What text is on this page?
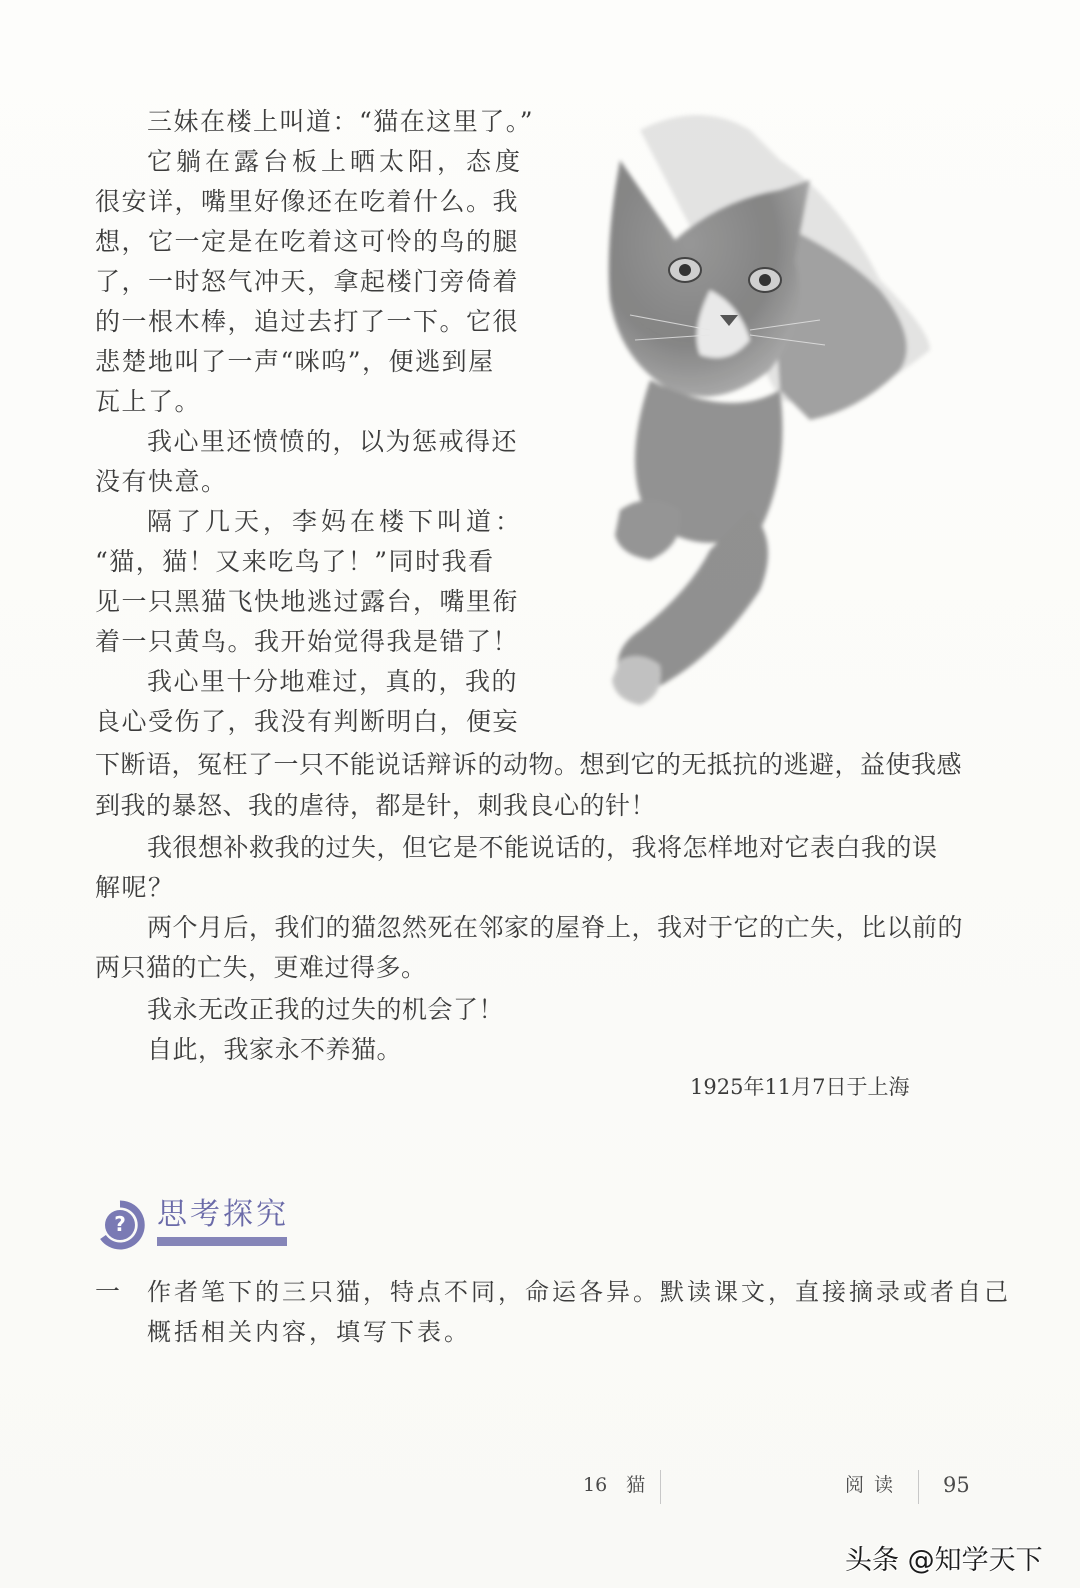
三妹在楼上叫道：“猫在这里了。”
它躺在露台板上晒太阳，态度
很安详，嘴里好像还在吃着什么。我
想，它一定是在吃着这可怜的鸟的腿
了，一时怒气冲天，拿起楼门旁倚着
的一根木棒，追过去打了一下。它很
悲楚地叫了一声“咪呜”，便逃到屋
瓦上了。
我心里还愤愤的，以为惩戒得还
没有快意。
隔了几天，李妈在楼下叫道：
“猫，猫！又来吃鸟了！”同时我看
见一只黑猫飞快地逃过露台，嘴里衔
着一只黄鸟。我开始觉得我是错了！
我心里十分地难过，真的，我的
良心受伤了，我没有判断明白，便妄
下断语，冤枉了一只不能说话辩诉的动物。想到它的无抵抗的逃避，益使我感
到我的暴怒、我的虐待，都是针，刺我良心的针！
我很想补救我的过失，但它是不能说话的，我将怎样地对它表白我的误
解呢？
两个月后，我们的猫忽然死在邻家的屋脊上，我对于它的亡失，比以前的
两只猫的亡失，更难过得多。
我永无改正我的过失的机会了！
自此，我家永不养猫。
1925年11月7日于上海
? 思考探究
一 作者笔下的三只猫，特点不同，命运各异。默读课文，直接摘录或者自己
概括相关内容，填写下表。
16　猫	阅 读 95
头条 @知学天下
